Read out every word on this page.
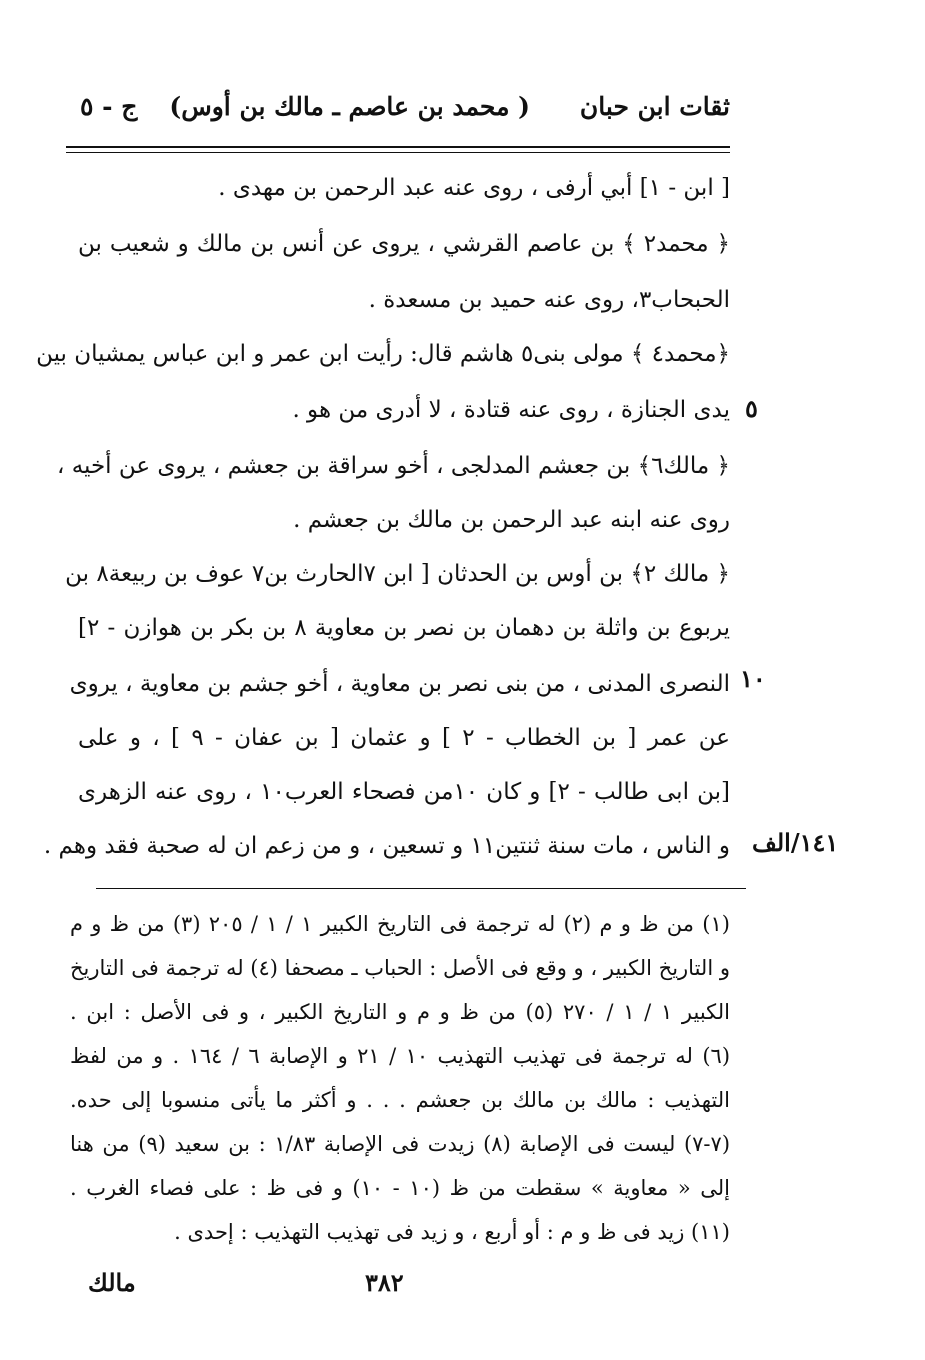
ثقات ابن حبان
( محمد بن عاصم ـ مالك بن أوس)
ج - ٥
[ ابن - ١] أبي أرفى ، روى عنه عبد الرحمن بن مهدى .
﴿ محمد٢ ﴾ بن عاصم القرشي ، يروى عن أنس بن مالك و شعيب بن
الحبحاب٣، روى عنه حميد بن مسعدة .
﴿محمد٤ ﴾ مولى بنى٥ هاشم قال: رأيت ابن عمر و ابن عباس يمشيان بين
يدى الجنازة ، روى عنه قتادة ، لا أدرى من هو .
﴿ مالك٦﴾ بن جعشم المدلجى ، أخو سراقة بن جعشم ، يروى عن أخيه ،
روى عنه ابنه عبد الرحمن بن مالك بن جعشم .
﴿ مالك ٢﴾ بن أوس بن الحدثان [ ابن ٧الحارث بن٧ عوف بن ربيعة٨ بن
يربوع بن واثلة بن دهمان بن نصر بن معاوية ٨ بن بكر بن هوازن - ٢]
النصرى المدنى ، من بنى نصر بن معاوية ، أخو جشم بن معاوية ، يروى
عن عمر [ بن الخطاب - ٢ ] و عثمان [ بن عفان - ٩ ] ، و على
[بن ابى طالب - ٢] و كان ١٠من فصحاء العرب١٠ ، روى عنه الزهرى
و الناس ، مات سنة ثنتين١١ و تسعين ، و من زعم ان له صحبة فقد وهم .
٥
١٠
١٤١/الف
(١) من ظ و م (٢) له ترجمة فى التاريخ الكبير ١ / ١ / ٢٠٥ (٣) من ظ و م
و التاريخ الكبير ، و وقع فى الأصل : الحباب ـ مصحفا (٤) له ترجمة فى التاريخ
الكبير ١ / ١ / ٢٧٠ (٥) من ظ و م و التاريخ الكبير ، و فى الأصل : ابن .
(٦) له ترجمة فى تهذيب التهذيب ١٠ / ٢١ و الإصابة ٦ / ١٦٤ . و من لفظ
التهذيب : مالك بن مالك بن جعشم . . . و أكثر ما يأتى منسوبا إلى حده.
(٧-٧) ليست فى الإصابة (٨) زيدت فى الإصابة ١/٨٣ : بن سعيد (٩) من هنا
إلى « معاوية » سقطت من ظ (١٠ - ١٠) و فى ظ : على فصاء الغرب .
(١١) زيد فى ظ و م : أو أربع ، و زيد فى تهذيب التهذيب : إحدى .
مالك	٣٨٢
